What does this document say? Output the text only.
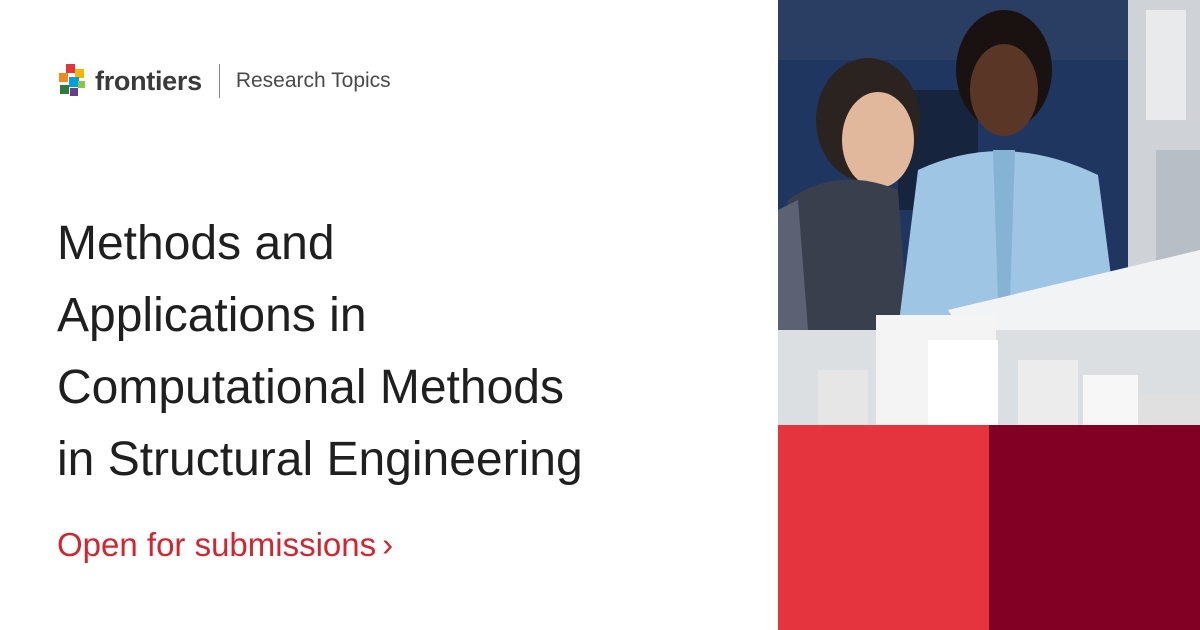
frontiers Research Topics
Methods and
Applications in
Computational Methods
in Structural Engineering
Open for submissions ›
